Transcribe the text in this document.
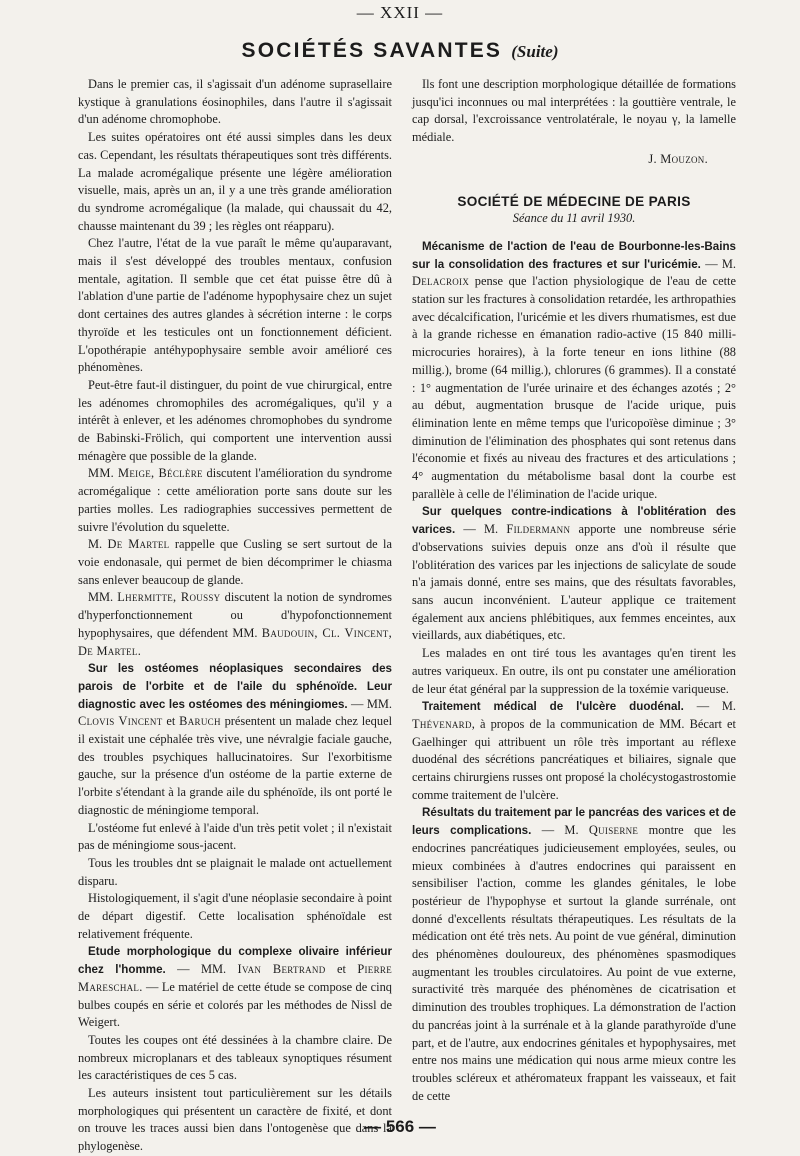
— XXII —
SOCIÉTÉS SAVANTES (Suite)

Dans le premier cas, il s'agissait d'un adénome suprasellaire kystique à granulations éosinophiles, dans l'autre il s'agissait d'un adénome chromophobe.

Les suites opératoires ont été aussi simples dans les deux cas. Cependant, les résultats thérapeutiques sont très différents. La malade acromégalique présente une légère amélioration visuelle, mais, après un an, il y a une très grande amélioration du syndrome acromégalique (la malade, qui chaussait du 42, chausse maintenant du 39 ; les règles ont réapparu).

Chez l'autre, l'état de la vue paraît le même qu'auparavant, mais il s'est développé des troubles mentaux, confusion mentale, agitation. Il semble que cet état puisse être dû à l'ablation d'une partie de l'adénome hypophysaire chez un sujet dont certaines des autres glandes à sécrétion interne : le corps thyroïde et les testicules ont un fonctionnement déficient. L'opothérapie antéhypophysaire semble avoir amélioré ces phénomènes.

Peut-être faut-il distinguer, du point de vue chirurgical, entre les adénomes chromophiles des acromégaliques, qu'il y a intérêt à enlever, et les adénomes chromophobes du syndrome de Babinski-Frölich, qui comportent une intervention aussi ménagère que possible de la glande.

MM. Meige, Béclère discutent l'amélioration du syndrome acromégalique : cette amélioration porte sans doute sur les parties molles. Les radiographies successives permettent de suivre l'évolution du squelette.

M. De Martel rappelle que Cusling se sert surtout de la voie endonasale, qui permet de bien décomprimer le chiasma sans enlever beaucoup de glande.

MM. Lhermitte, Roussy discutent la notion de syndromes d'hyperfonctionnement ou d'hypofonctionnement hypophysaires, que défendent MM. Baudouin, Cl. Vincent, De Martel.

Sur les ostéomes néoplasiques secondaires des parois de l'orbite et de l'aile du sphénoïde. Leur diagnostic avec les ostéomes des méningiomes. — MM. Clovis Vincent et Baruch présentent un malade chez lequel il existait une céphalée très vive, une névralgie faciale gauche, des troubles psychiques hallucinatoires. Sur l'exorbitisme gauche, sur la présence d'un ostéome de la partie externe de l'orbite s'étendant à la grande aile du sphénoïde, ils ont porté le diagnostic de méningiome temporal.

L'ostéome fut enlevé à l'aide d'un très petit volet ; il n'existait pas de méningiome sous-jacent.

Tous les troubles dnt se plaignait le malade ont actuellement disparu.

Histologiquement, il s'agit d'une néoplasie secondaire à point de départ digestif. Cette localisation sphénoïdale est relativement fréquente.

Etude morphologique du complexe olivaire inférieur chez l'homme. — MM. Ivan Bertrand et Pierre Mareschal. — Le matériel de cette étude se compose de cinq bulbes coupés en série et colorés par les méthodes de Nissl de Weigert.

Toutes les coupes ont été dessinées à la chambre claire. De nombreux microplanars et des tableaux synoptiques résument les caractéristiques de ces 5 cas.

Les auteurs insistent tout particulièrement sur les détails morphologiques qui présentent un caractère de fixité, et dont on trouve les traces aussi bien dans l'ontogenèse que dans la phylogenèse.

Ils font une description morphologique détaillée de formations jusqu'ici inconnues ou mal interprétées : la gouttière ventrale, le cap dorsal, l'excroissance ventrolatérale, le noyau γ, la lamelle médiale.

J. Mouzon.
SOCIÉTÉ DE MÉDECINE DE PARIS
Séance du 11 avril 1930.

Mécanisme de l'action de l'eau de Bourbonne-les-Bains sur la consolidation des fractures et sur l'uricémie. — M. Delacroix pense que l'action physiologique de l'eau de cette station sur les fractures à consolidation retardée, les arthropathies avec décalcification, l'uricémie et les divers rhumatismes, est due à la grande richesse en émanation radio-active (15 840 milli-microcuries horaires), à la forte teneur en ions lithine (88 millig.), brome (64 millig.), chlorures (6 grammes). Il a constaté : 1° augmentation de l'urée urinaire et des échanges azotés ; 2° au début, augmentation brusque de l'acide urique, puis élimination lente en même temps que l'uricopoïèse diminue ; 3° diminution de l'élimination des phosphates qui sont retenus dans l'économie et fixés au niveau des fractures et des articulations ; 4° augmentation du métabolisme basal dont la courbe est parallèle à celle de l'élimination de l'acide urique.

Sur quelques contre-indications à l'oblitération des varices. — M. Fildermann apporte une nombreuse série d'observations suivies depuis onze ans d'où il résulte que l'oblitération des varices par les injections de salicylate de soude n'a jamais donné, entre ses mains, que des résultats favorables, sans aucun inconvénient. L'auteur applique ce traitement également aux anciens phlébitiques, aux femmes enceintes, aux vieillards, aux diabétiques, etc.

Les malades en ont tiré tous les avantages qu'en tirent les autres variqueux. En outre, ils ont pu constater une amélioration de leur état général par la suppression de la toxémie variqueuse.

Traitement médical de l'ulcère duodénal. — M. Thévenard, à propos de la communication de MM. Bécart et Gaelhinger qui attribuent un rôle très important au réflexe duodénal des sécrétions pancréatiques et biliaires, signale que certains chirurgiens russes ont proposé la cholécystogastrostomie comme traitement de l'ulcère.

Résultats du traitement par le pancréas des varices et de leurs complications. — M. Quiserne montre que les endocrines pancréatiques judicieusement employées, seules, ou mieux combinées à d'autres endocrines qui paraissent en sensibiliser l'action, comme les glandes génitales, le lobe postérieur de l'hypophyse et surtout la glande surrénale, ont donné d'excellents résultats thérapeutiques. Les résultats de la médication ont été très nets. Au point de vue général, diminution des phénomènes douloureux, des phénomènes spasmodiques augmentant les troubles circulatoires. Au point de vue externe, suractivité très marquée des phénomènes de cicatrisation et diminution des troubles trophiques. La démonstration de l'action du pancréas joint à la surrénale et à la glande parathyroïde d'une part, et de l'autre, aux endocrines génitales et hypophysaires, met entre nos mains une médication qui nous arme mieux contre les troubles scléreux et athéromateux frappant les vaisseaux, et fait de cette

— 566 —
